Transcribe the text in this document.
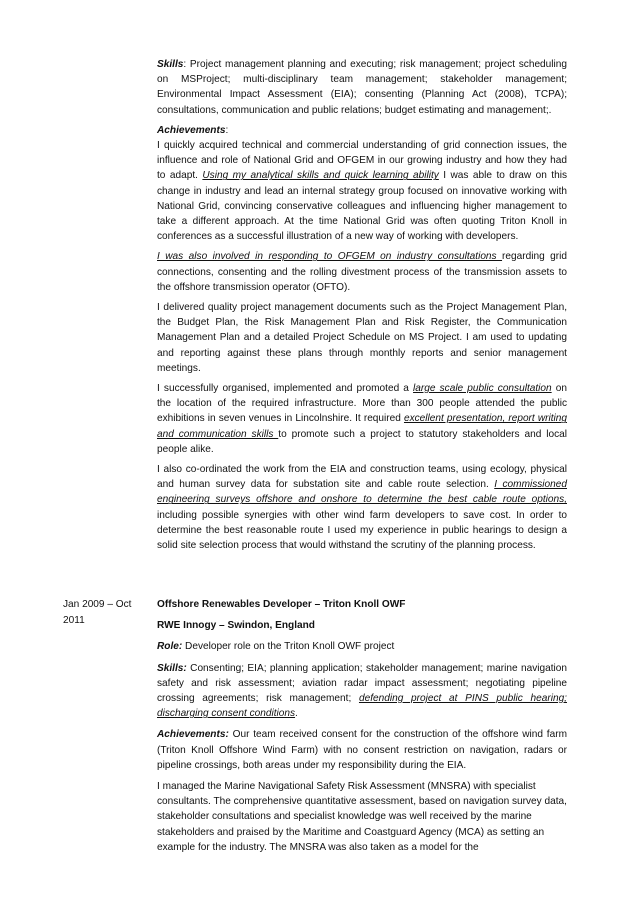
Skills: Project management planning and executing; risk management; project scheduling on MSProject; multi-disciplinary team management; stakeholder management; Environmental Impact Assessment (EIA); consenting (Planning Act (2008), TCPA); consultations, communication and public relations; budget estimating and management;.

Achievements:

I quickly acquired technical and commercial understanding of grid connection issues, the influence and role of National Grid and OFGEM in our growing industry and how they had to adapt. Using my analytical skills and quick learning ability I was able to draw on this change in industry and lead an internal strategy group focused on innovative working with National Grid, convincing conservative colleagues and influencing higher management to take a different approach. At the time National Grid was often quoting Triton Knoll in conferences as a successful illustration of a new way of working with developers.

I was also involved in responding to OFGEM on industry consultations regarding grid connections, consenting and the rolling divestment process of the transmission assets to the offshore transmission operator (OFTO).

I delivered quality project management documents such as the Project Management Plan, the Budget Plan, the Risk Management Plan and Risk Register, the Communication Management Plan and a detailed Project Schedule on MS Project. I am used to updating and reporting against these plans through monthly reports and senior management meetings.

I successfully organised, implemented and promoted a large scale public consultation on the location of the required infrastructure. More than 300 people attended the public exhibitions in seven venues in Lincolnshire. It required excellent presentation, report writing and communication skills to promote such a project to statutory stakeholders and local people alike.

I also co-ordinated the work from the EIA and construction teams, using ecology, physical and human survey data for substation site and cable route selection. I commissioned engineering surveys offshore and onshore to determine the best cable route options, including possible synergies with other wind farm developers to save cost. In order to determine the best reasonable route I used my experience in public hearings to design a solid site selection process that would withstand the scrutiny of the planning process.

Jan 2009 – Oct 2011

Offshore Renewables Developer – Triton Knoll OWF

RWE Innogy – Swindon, England

Role: Developer role on the Triton Knoll OWF project

Skills: Consenting; EIA; planning application; stakeholder management; marine navigation safety and risk assessment; aviation radar impact assessment; negotiating pipeline crossing agreements; risk management; defending project at PINS public hearing; discharging consent conditions.

Achievements: Our team received consent for the construction of the offshore wind farm (Triton Knoll Offshore Wind Farm) with no consent restriction on navigation, radars or pipeline crossings, both areas under my responsibility during the EIA.

I managed the Marine Navigational Safety Risk Assessment (MNSRA) with specialist consultants. The comprehensive quantitative assessment, based on navigation survey data, stakeholder consultations and specialist knowledge was well received by the marine stakeholders and praised by the Maritime and Coastguard Agency (MCA) as setting an example for the industry. The MNSRA was also taken as a model for the
